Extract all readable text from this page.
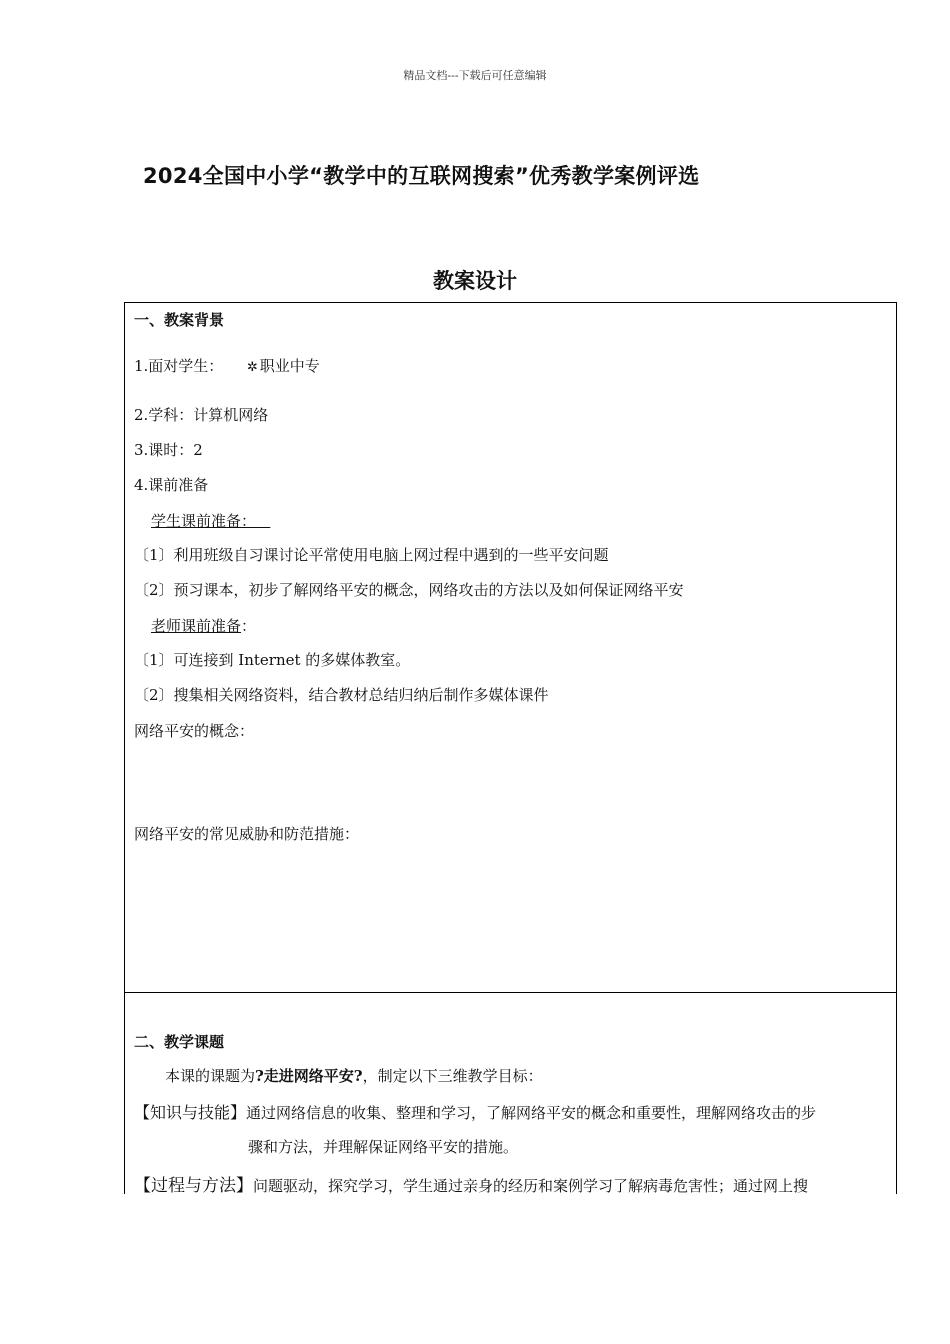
精品文档---下载后可任意编辑
2024全国中小学“教学中的互联网搜索”优秀教学案例评选
教案设计
一、教案背景
1.面对学生： ✲ 职业中专
2.学科：计算机网络
3.课时：2
4.课前准备
学生课前准备：
〔1〕利用班级自习课讨论平常使用电脑上网过程中遇到的一些平安问题
〔2〕预习课本，初步了解网络平安的概念，网络攻击的方法以及如何保证网络平安
老师课前准备：
〔1〕可连接到 Internet 的多媒体教室。
〔2〕搜集相关网络资料，结合教材总结归纳后制作多媒体课件
网络平安的概念：
网络平安的常见威胁和防范措施：
二、教学课题
本课的课题为?走进网络平安?，制定以下三维教学目标：
【知识与技能】通过网络信息的收集、整理和学习，了解网络平安的概念和重要性，理解网络攻击的步
骤和方法，并理解保证网络平安的措施。
【过程与方法】问题驱动，探究学习，学生通过亲身的经历和案例学习了解病毒危害性；通过网上搜
